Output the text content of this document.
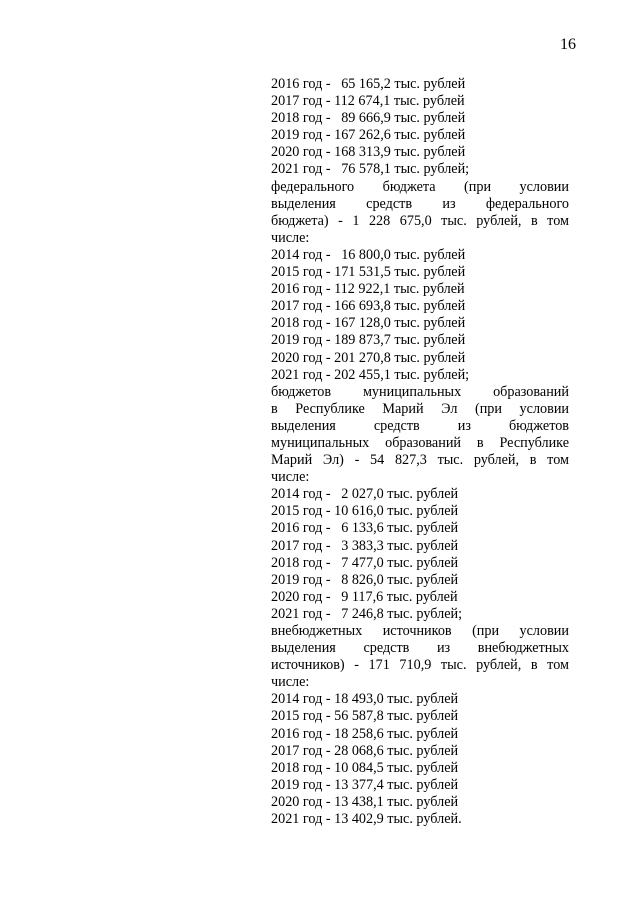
16
2016 год -   65 165,2 тыс. рублей
2017 год - 112 674,1 тыс. рублей
2018 год -   89 666,9 тыс. рублей
2019 год - 167 262,6 тыс. рублей
2020 год - 168 313,9 тыс. рублей
2021 год -   76 578,1 тыс. рублей;
федерального бюджета (при условии
выделения средств из федерального
бюджета) - 1 228 675,0 тыс. рублей, в том
числе:
2014 год -   16 800,0 тыс. рублей
2015 год - 171 531,5 тыс. рублей
2016 год - 112 922,1 тыс. рублей
2017 год - 166 693,8 тыс. рублей
2018 год - 167 128,0 тыс. рублей
2019 год - 189 873,7 тыс. рублей
2020 год - 201 270,8 тыс. рублей
2021 год - 202 455,1 тыс. рублей;
бюджетов муниципальных образований
в Республике Марий Эл (при условии
выделения средств из бюджетов
муниципальных образований в Республике
Марий Эл) - 54 827,3 тыс. рублей, в том
числе:
2014 год -   2 027,0 тыс. рублей
2015 год - 10 616,0 тыс. рублей
2016 год -   6 133,6 тыс. рублей
2017 год -   3 383,3 тыс. рублей
2018 год -   7 477,0 тыс. рублей
2019 год -   8 826,0 тыс. рублей
2020 год -   9 117,6 тыс. рублей
2021 год -   7 246,8 тыс. рублей;
внебюджетных источников (при условии
выделения средств из внебюджетных
источников) - 171 710,9 тыс. рублей, в том
числе:
2014 год - 18 493,0 тыс. рублей
2015 год - 56 587,8 тыс. рублей
2016 год - 18 258,6 тыс. рублей
2017 год - 28 068,6 тыс. рублей
2018 год - 10 084,5 тыс. рублей
2019 год - 13 377,4 тыс. рублей
2020 год - 13 438,1 тыс. рублей
2021 год - 13 402,9 тыс. рублей.
